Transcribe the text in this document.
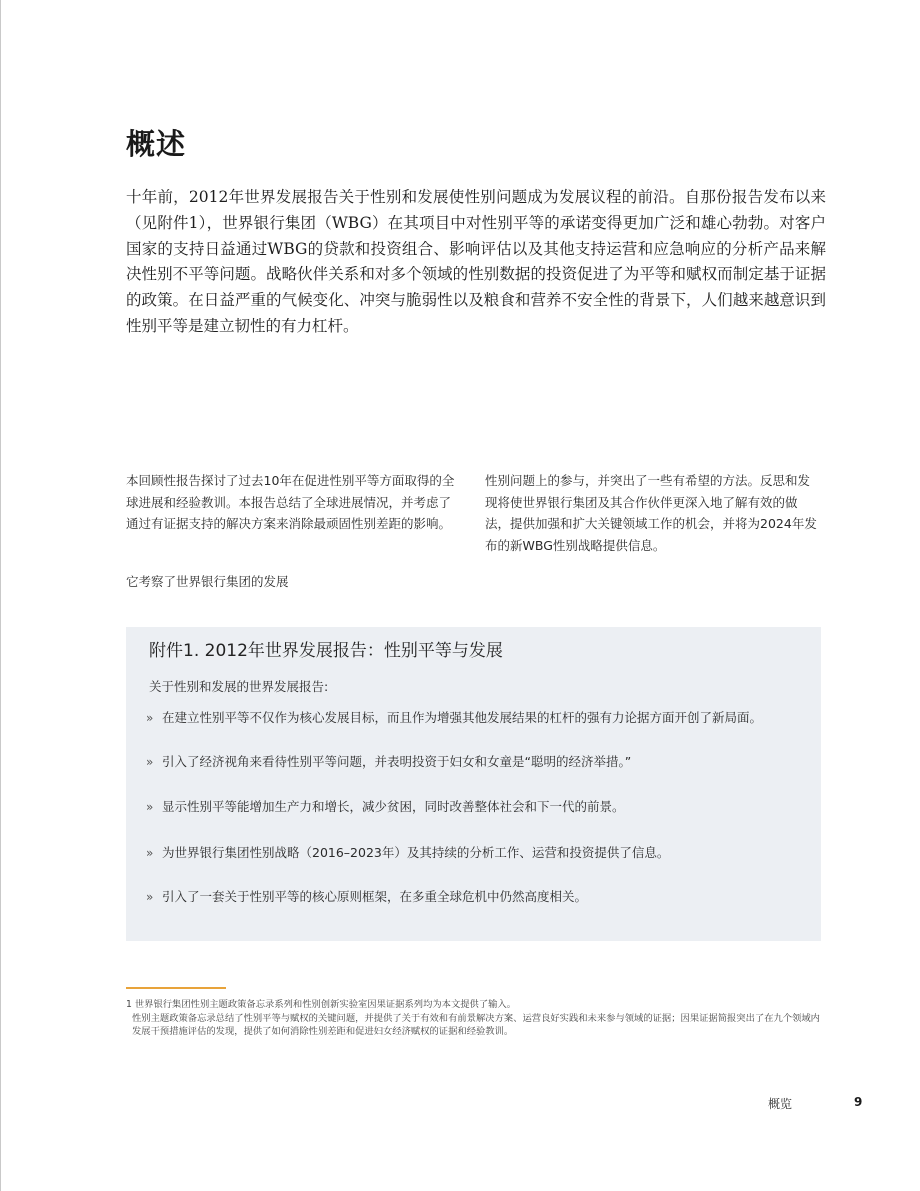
概述

十年前，2012年世界发展报告关于性别和发展使性别问题成为发展议程的前沿。自那份报告发布以来（见附件1），世界银行集团（WBG）在其项目中对性别平等的承诺变得更加广泛和雄心勃勃。对客户国家的支持日益通过WBG的贷款和投资组合、影响评估以及其他支持运营和应急响应的分析产品来解决性别不平等问题。战略伙伴关系和对多个领域的性别数据的投资促进了为平等和赋权而制定基于证据的政策。在日益严重的气候变化、冲突与脆弱性以及粮食和营养不安全性的背景下，人们越来越意识到性别平等是建立韧性的有力杠杆。

本回顾性报告探讨了过去10年在促进性别平等方面取得的全球进展和经验教训。本报告总结了全球进展情况，并考虑了通过有证据支持的解决方案来消除最顽固性别差距的影响。

性别问题上的参与，并突出了一些有希望的方法。反思和发现将使世界银行集团及其合作伙伴更深入地了解有效的做法，提供加强和扩大关键领域工作的机会，并将为2024年发布的新WBG性别战略提供信息。

它考察了世界银行集团的发展

附件1. 2012年世界发展报告：性别平等与发展

关于性别和发展的世界发展报告:

» 在建立性别平等不仅作为核心发展目标，而且作为增强其他发展结果的杠杆的强有力论据方面开创了新局面。
» 引入了经济视角来看待性别平等问题，并表明投资于妇女和女童是“聪明的经济举措。”
» 显示性别平等能增加生产力和增长，减少贫困，同时改善整体社会和下一代的前景。
» 为世界银行集团性别战略（2016–2023年）及其持续的分析工作、运营和投资提供了信息。
» 引入了一套关于性别平等的核心原则框架，在多重全球危机中仍然高度相关。

1 世界银行集团性别主题政策备忘录系列和性别创新实验室因果证据系列均为本文提供了输入。

性别主题政策备忘录总结了性别平等与赋权的关键问题，并提供了关于有效和有前景解决方案、运营良好实践和未来参与领域的证据；因果证据简报突出了在九个领域内发展干预措施评估的发现，提供了如何消除性别差距和促进妇女经济赋权的证据和经验教训。

概览	9
